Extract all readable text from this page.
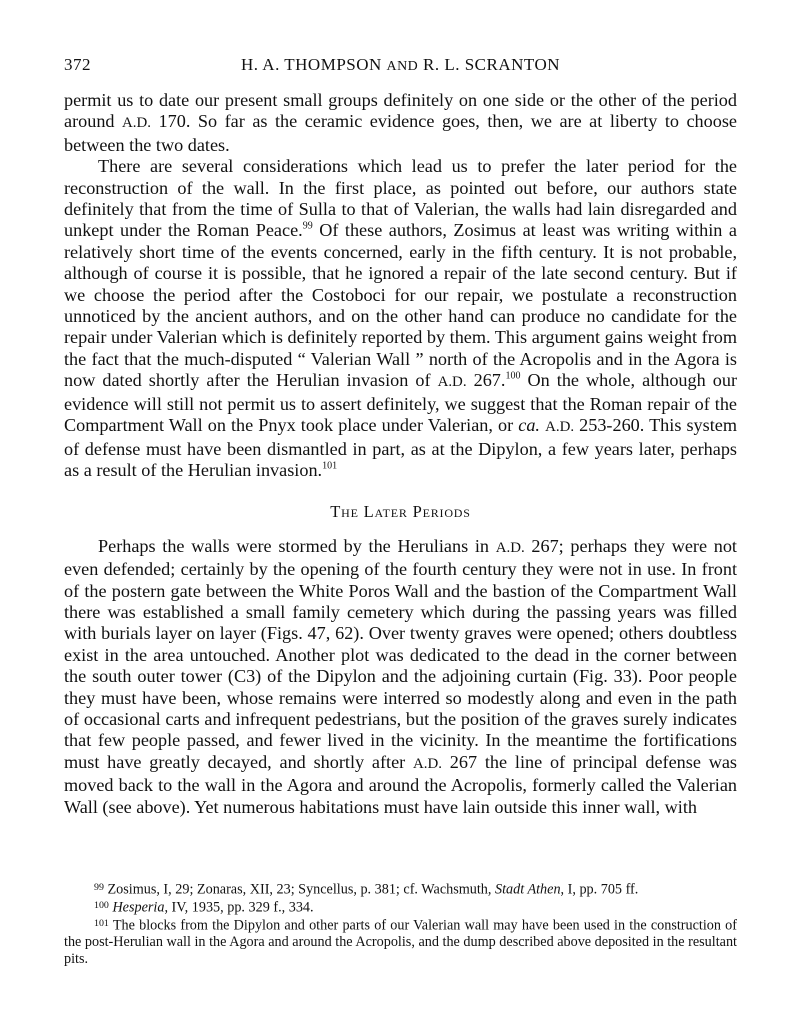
372	H. A. THOMPSON AND R. L. SCRANTON

permit us to date our present small groups definitely on one side or the other of the period around A.D. 170. So far as the ceramic evidence goes, then, we are at liberty to choose between the two dates.

There are several considerations which lead us to prefer the later period for the reconstruction of the wall. In the first place, as pointed out before, our authors state definitely that from the time of Sulla to that of Valerian, the walls had lain disregarded and unkept under the Roman Peace.$^{99}$ Of these authors, Zosimus at least was writing within a relatively short time of the events concerned, early in the fifth century. It is not probable, although of course it is possible, that he ignored a repair of the late second century. But if we choose the period after the Costoboci for our repair, we postulate a reconstruction unnoticed by the ancient authors, and on the other hand can produce no candidate for the repair under Valerian which is definitely reported by them. This argument gains weight from the fact that the much-disputed “ Valerian Wall ” north of the Acropolis and in the Agora is now dated shortly after the Herulian invasion of A.D. 267.$^{100}$ On the whole, although our evidence will still not permit us to assert definitely, we suggest that the Roman repair of the Compartment Wall on the Pnyx took place under Valerian, or ca. A.D. 253-260. This system of defense must have been dismantled in part, as at the Dipylon, a few years later, perhaps as a result of the Herulian invasion.$^{101}$

The Later Periods

Perhaps the walls were stormed by the Herulians in A.D. 267; perhaps they were not even defended; certainly by the opening of the fourth century they were not in use. In front of the postern gate between the White Poros Wall and the bastion of the Compartment Wall there was established a small family cemetery which during the passing years was filled with burials layer on layer (Figs. 47, 62). Over twenty graves were opened; others doubtless exist in the area untouched. Another plot was dedicated to the dead in the corner between the south outer tower (C3) of the Dipylon and the adjoining curtain (Fig. 33). Poor people they must have been, whose remains were interred so modestly along and even in the path of occasional carts and infrequent pedestrians, but the position of the graves surely indicates that few people passed, and fewer lived in the vicinity. In the meantime the fortifications must have greatly decayed, and shortly after A.D. 267 the line of principal defense was moved back to the wall in the Agora and around the Acropolis, formerly called the Valerian Wall (see above). Yet numerous habitations must have lain outside this inner wall, with

$^{99}$ Zosimus, I, 29; Zonaras, XII, 23; Syncellus, p. 381; cf. Wachsmuth, Stadt Athen, I, pp. 705 ff.

$^{100}$ Hesperia, IV, 1935, pp. 329 f., 334.

$^{101}$ The blocks from the Dipylon and other parts of our Valerian wall may have been used in the construction of the post-Herulian wall in the Agora and around the Acropolis, and the dump described above deposited in the resultant pits.
